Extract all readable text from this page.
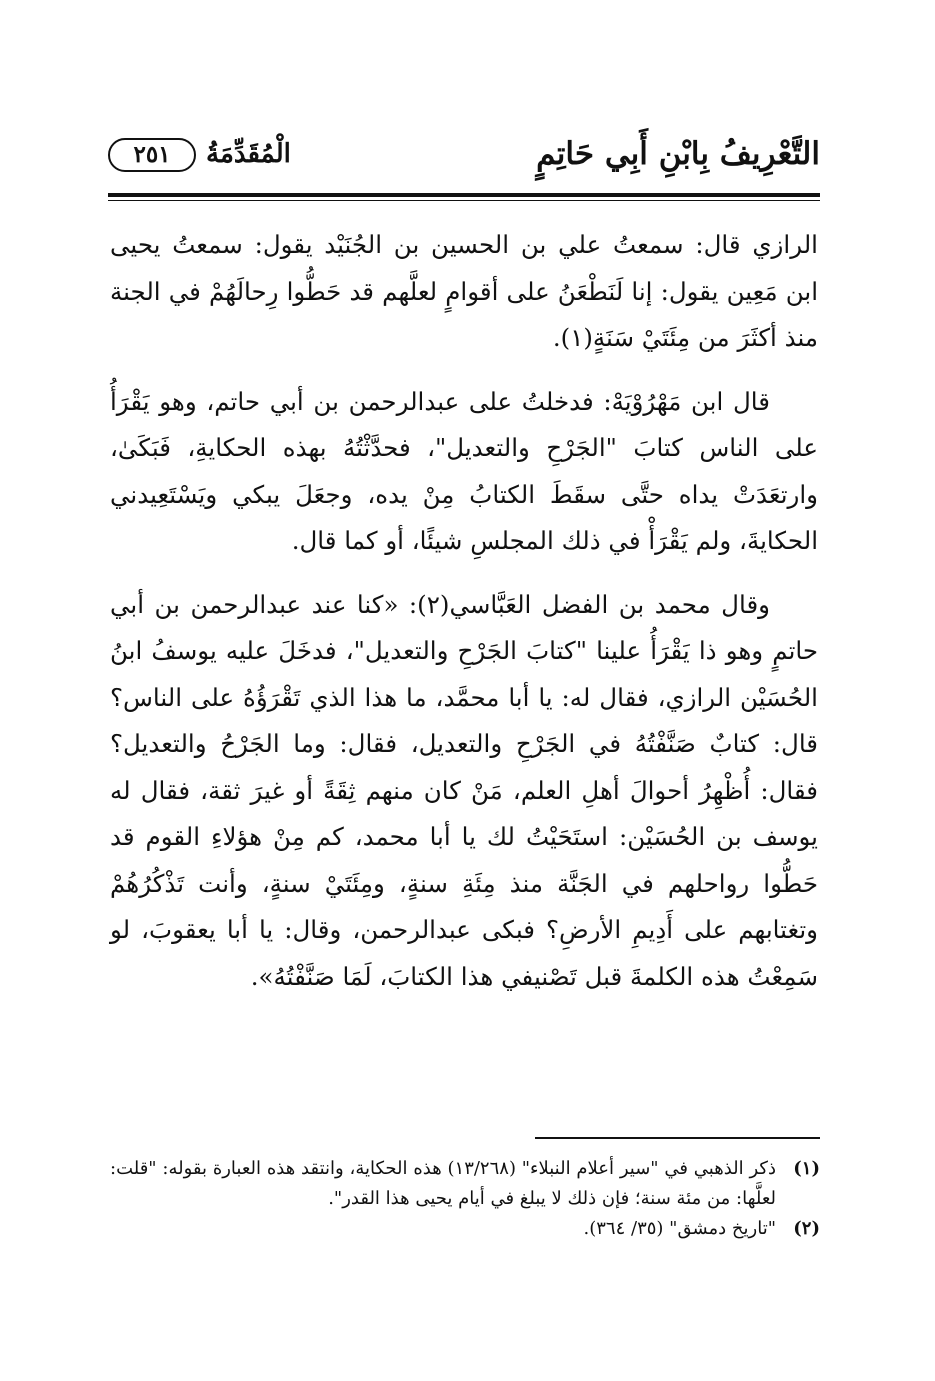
التَّعْرِيفُ بِابْنِ أَبِي حَاتِمٍ
الْمُقَدِّمَةُ
٢٥١

الرازي قال: سمعتُ علي بن الحسين بن الجُنَيْد يقول: سمعتُ يحيى ابن مَعِين يقول: إنا لَنَطْعَنُ على أقوامٍ لعلَّهم قد حَطُّوا رِحالَهُمْ في الجنة منذ أكثَرَ من مِئَتَيْ سَنَةٍ(١).

قال ابن مَهْرُوْيَهْ: فدخلتُ على عبدالرحمن بن أبي حاتم، وهو يَقْرَأُ على الناس كتابَ "الجَرْحِ والتعديل"، فحدَّثْتُهُ بهذه الحكايةِ، فَبَكَىٰ، وارتعَدَتْ يداه حتَّى سقَطَ الكتابُ مِنْ يده، وجعَلَ يبكي ويَسْتَعِيدني الحكايةَ، ولم يَقْرَأْ في ذلك المجلسِ شيئًا، أو كما قال.

وقال محمد بن الفضل العَبَّاسي(٢): «كنا عند عبدالرحمن بن أبي حاتمٍ وهو ذا يَقْرَأُ علينا "كتابَ الجَرْحِ والتعديل"، فدخَلَ عليه يوسفُ ابنُ الحُسَيْن الرازي، فقال له: يا أبا محمَّد، ما هذا الذي تَقْرَؤُهُ على الناس؟ قال: كتابٌ صَنَّفْتُهُ في الجَرْحِ والتعديل، فقال: وما الجَرْحُ والتعديل؟ فقال: أُظْهِرُ أحوالَ أهلِ العلم، مَنْ كان منهم ثِقَةً أو غيرَ ثقة، فقال له يوسف بن الحُسَيْن: استَحَيْتُ لك يا أبا محمد، كم مِنْ هؤلاءِ القوم قد حَطُّوا رواحلهم في الجَنَّة منذ مِئَةِ سنةٍ، ومِئَتَيْ سنةٍ، وأنت تَذْكُرُهُمْ وتغتابهم على أَدِيمِ الأرضِ؟ فبكى عبدالرحمن، وقال: يا أبا يعقوبَ، لو سَمِعْتُ هذه الكلمةَ قبل تَصْنيفي هذا الكتابَ، لَمَا صَنَّفْتُهُ».

(١)
ذكر الذهبي في "سير أعلام النبلاء" (١٣/٢٦٨) هذه الحكاية، وانتقد هذه العبارة بقوله: "قلت: لعلَّها: من مئة سنة؛ فإن ذلك لا يبلغ في أيام يحيى هذا القدر".
(٢)
"تاريخ دمشق" (٣٥/ ٣٦٤).
